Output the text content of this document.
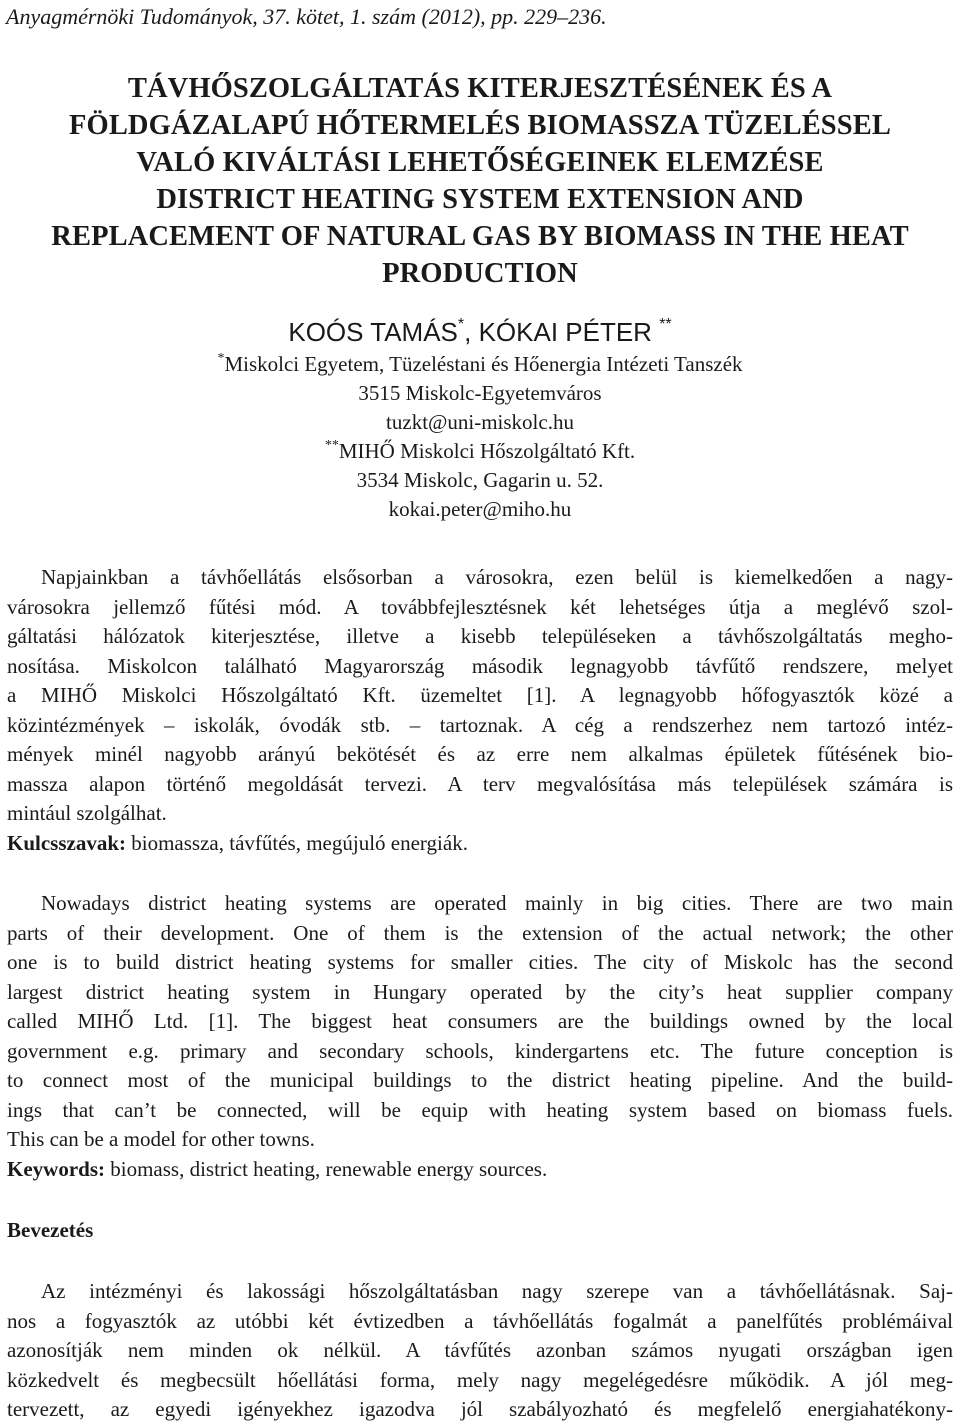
Anyagmérnöki Tudományok, 37. kötet, 1. szám (2012), pp. 229–236.
TÁVHŐSZOLGÁLTATÁS KITERJESZTÉSÉNEK ÉS A
FÖLDGÁZALAPÚ HŐTERMELÉS BIOMASSZA TÜZELÉSSEL
VALÓ KIVÁLTÁSI LEHETŐSÉGEINEK ELEMZÉSE
DISTRICT HEATING SYSTEM EXTENSION AND
REPLACEMENT OF NATURAL GAS BY BIOMASS IN THE HEAT
PRODUCTION
KOÓS TAMÁS*, KÓKAI PÉTER **
*Miskolci Egyetem, Tüzeléstani és Hőenergia Intézeti Tanszék
3515 Miskolc-Egyetemváros
tuzkt@uni-miskolc.hu
**MIHŐ Miskolci Hőszolgáltató Kft.
3534 Miskolc, Gagarin u. 52.
kokai.peter@miho.hu
Napjainkban a távhőellátás elsősorban a városokra, ezen belül is kiemelkedően a nagy-
városokra jellemző fűtési mód. A továbbfejlesztésnek két lehetséges útja a meglévő szol-
gáltatási hálózatok kiterjesztése, illetve a kisebb településeken a távhőszolgáltatás meghо-
nosítása. Miskolcon található Magyarország második legnagyobb távfűtő rendszere, melyet
a MIHŐ Miskolci Hőszolgáltató Kft. üzemeltet [1]. A legnagyobb hőfogyasztók közé a
közintézmények – iskolák, óvodák stb. – tartoznak. A cég a rendszerhez nem tartozó intéz-
mények minél nagyobb arányú bekötését és az erre nem alkalmas épületek fűtésének bio-
massza alapon történő megoldását tervezi. A terv megvalósítása más települések számára is
mintául szolgálhat.
Kulcsszavak: biomassza, távfűtés, megújuló energiák.
Nowadays district heating systems are operated mainly in big cities. There are two main
parts of their development. One of them is the extension of the actual network; the other
one is to build district heating systems for smaller cities. The city of Miskolc has the second
largest district heating system in Hungary operated by the city’s heat supplier company
called MIHŐ Ltd. [1]. The biggest heat consumers are the buildings owned by the local
government e.g. primary and secondary schools, kindergartens etc. The future conception is
to connect most of the municipal buildings to the district heating pipeline. And the build-
ings that can’t be connected, will be equip with heating system based on biomass fuels.
This can be a model for other towns.
Keywords: biomass, district heating, renewable energy sources.
Bevezetés
Az intézményi és lakossági hőszolgáltatásban nagy szerepe van a távhőellátásnak. Saj-
nos a fogyasztók az utóbbi két évtizedben a távhőellátás fogalmát a panelfűtés problémáival
azonosítják nem minden ok nélkül. A távfűtés azonban számos nyugati országban igen
közkedvelt és megbecsült hőellátási forma, mely nagy megelégedésre működik. A jól meg-
tervezett, az egyedi igényekhez igazodva jól szabályozható és megfelelő energiahatékony-
